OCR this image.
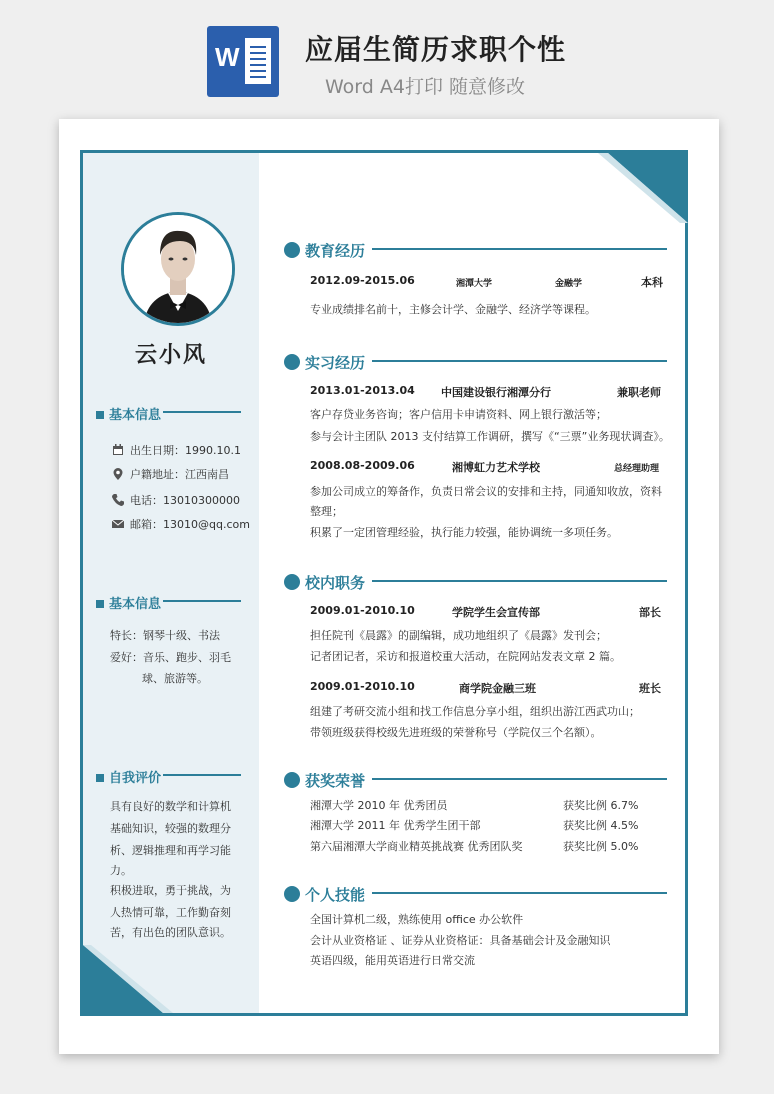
W 应届生简历求职个性
Word A4打印 随意修改
云小风
基本信息
出生日期：1990.10.1
户籍地址：江西南昌
电话：13010300000
邮箱：13010@qq.com
基本信息
特长：钢琴十级、书法
爱好：音乐、跑步、羽毛
球、旅游等。
自我评价
具有良好的数学和计算机
基础知识，较强的数理分
析、逻辑推理和再学习能
力。
积极进取，勇于挑战，为
人热情可靠，工作勤奋刻
苦，有出色的团队意识。
教育经历
2012.09-2015.06	湘潭大学	金融学	本科
专业成绩排名前十，主修会计学、金融学、经济学等课程。
实习经历
2013.01-2013.04 中国建设银行湘潭分行	兼职老师
客户存贷业务咨询；客户信用卡申请资料、网上银行激活等；
参与会计主团队 2013 支付结算工作调研，撰写《“三票”业务现状调查》。
2008.08-2009.06	湘博虹力艺术学校	总经理助理
参加公司成立的筹备作，负责日常会议的安排和主持，同通知收放，资料
整理；
积累了一定团管理经验，执行能力较强，能协调统一多项任务。
校内职务
2009.01-2010.10	学院学生会宣传部	部长
担任院刊《晨露》的副编辑，成功地组织了《晨露》发刊会；
记者团记者，采访和报道校重大活动，在院网站发表文章 2 篇。
2009.01-2010.10	商学院金融三班	班长
组建了考研交流小组和找工作信息分享小组，组织出游江西武功山；
带领班级获得校级先进班级的荣誉称号（学院仅三个名额）。
获奖荣誉
湘潭大学 2010 年 优秀团员	获奖比例 6.7%
湘潭大学 2011 年 优秀学生团干部	获奖比例 4.5%
第六届湘潭大学商业精英挑战赛 优秀团队奖	获奖比例 5.0%
个人技能
全国计算机二级，熟练使用 office 办公软件
会计从业资格证 、证券从业资格证：具备基础会计及金融知识
英语四级，能用英语进行日常交流
